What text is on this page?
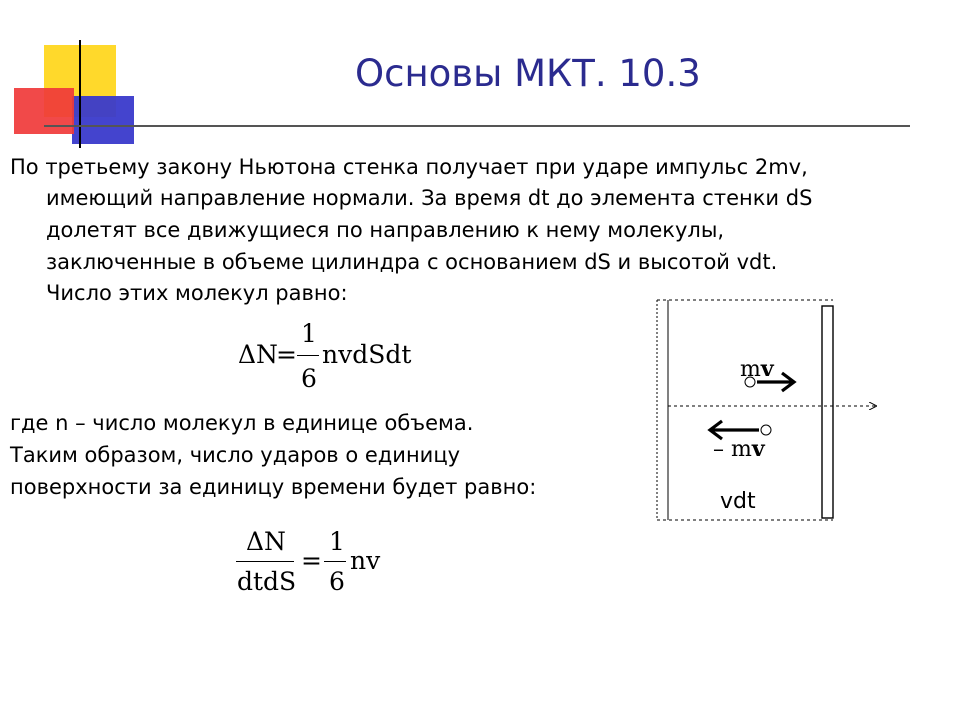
Основы МКТ. 10.3
По третьему закону Ньютона стенка получает при ударе импульс 2mv,
имеющий направление нормали. За время dt до элемента стенки dS
долетят все движущиеся по направлению к нему молекулы,
заключенные в объеме цилиндра с основанием dS и высотой vdt.
Число этих молекул равно:
ΔN
=
1
6
nvdSdt
где n – число молекул в единице объема.
Таким образом, число ударов о единицу
поверхности за единицу времени будет равно:
ΔN
dtdS
=
1
6
nv
mv
– mv
vdt
